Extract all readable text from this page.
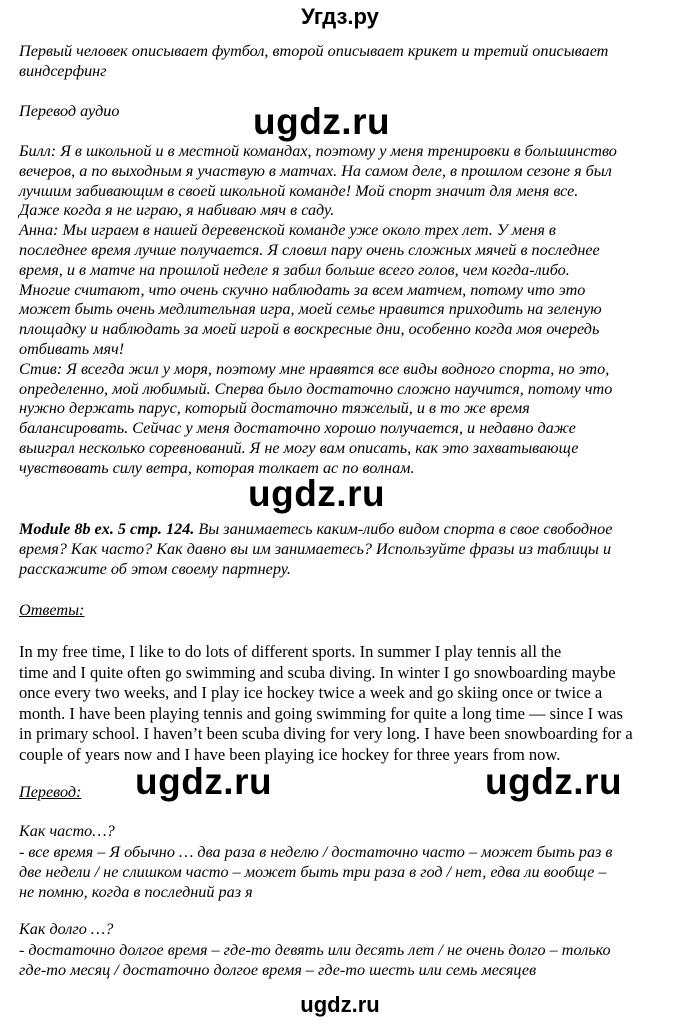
Угдз.ру
Первый человек описывает футбол, второй описывает крикет и третий описывает
виндсерфинг
Перевод аудио	ugdz.ru
Билл: Я в школьной и в местной командах, поэтому у меня тренировки в большинство
вечеров, а по выходным я участвую в матчах. На самом деле, в прошлом сезоне я был
лучшим забивающим в своей школьной команде! Мой спорт значит для меня все.
Даже когда я не играю, я набиваю мяч в саду.
Анна: Мы играем в нашей деревенской команде уже около трех лет. У меня в
последнее время лучше получается. Я словил пару очень сложных мячей в последнее
время, и в матче на прошлой неделе я забил больше всего голов, чем когда-либо.
Многие считают, что очень скучно наблюдать за всем матчем, потому что это
может быть очень медлительная игра, моей семье нравится приходить на зеленую
площадку и наблюдать за моей игрой в воскресные дни, особенно когда моя очередь
отбивать мяч!
Стив: Я всегда жил у моря, поэтому мне нравятся все виды водного спорта, но это,
определенно, мой любимый. Сперва было достаточно сложно научится, потому что
нужно держать парус, который достаточно тяжелый, и в то же время
балансировать. Сейчас у меня достаточно хорошо получается, и недавно даже
выиграл несколько соревнований. Я не могу вам описать, как это захватывающе
чувствовать силу ветра, которая толкает ас по волнам.
ugdz.ru
Module 8b ex. 5 стр. 124. Вы занимаетесь каким-либо видом спорта в свое свободное
время? Как часто? Как давно вы им занимаетесь? Используйте фразы из таблицы и
расскажите об этом своему партнеру.
Ответы:
In my free time, I like to do lots of different sports. In summer I play tennis all the
time and I quite often go swimming and scuba diving. In winter I go snowboarding maybe
once every two weeks, and I play ice hockey twice a week and go skiing once or twice a
month. I have been playing tennis and going swimming for quite a long time — since I was
in primary school. I haven’t been scuba diving for very long. I have been snowboarding for a
couple of years now and I have been playing ice hockey for three years from now.
ugdz.ru	ugdz.ru
Перевод:
Как часто…?
- все время – Я обычно … два раза в неделю / достаточно часто – может быть раз в
две недели / не слишком часто – может быть три раза в год / нет, едва ли вообще –
не помню, когда в последний раз я
Как долго …?
- достаточно долгое время – где-то девять или десять лет / не очень долго – только
где-то месяц / достаточно долгое время – где-то шесть или семь месяцев
ugdz.ru
